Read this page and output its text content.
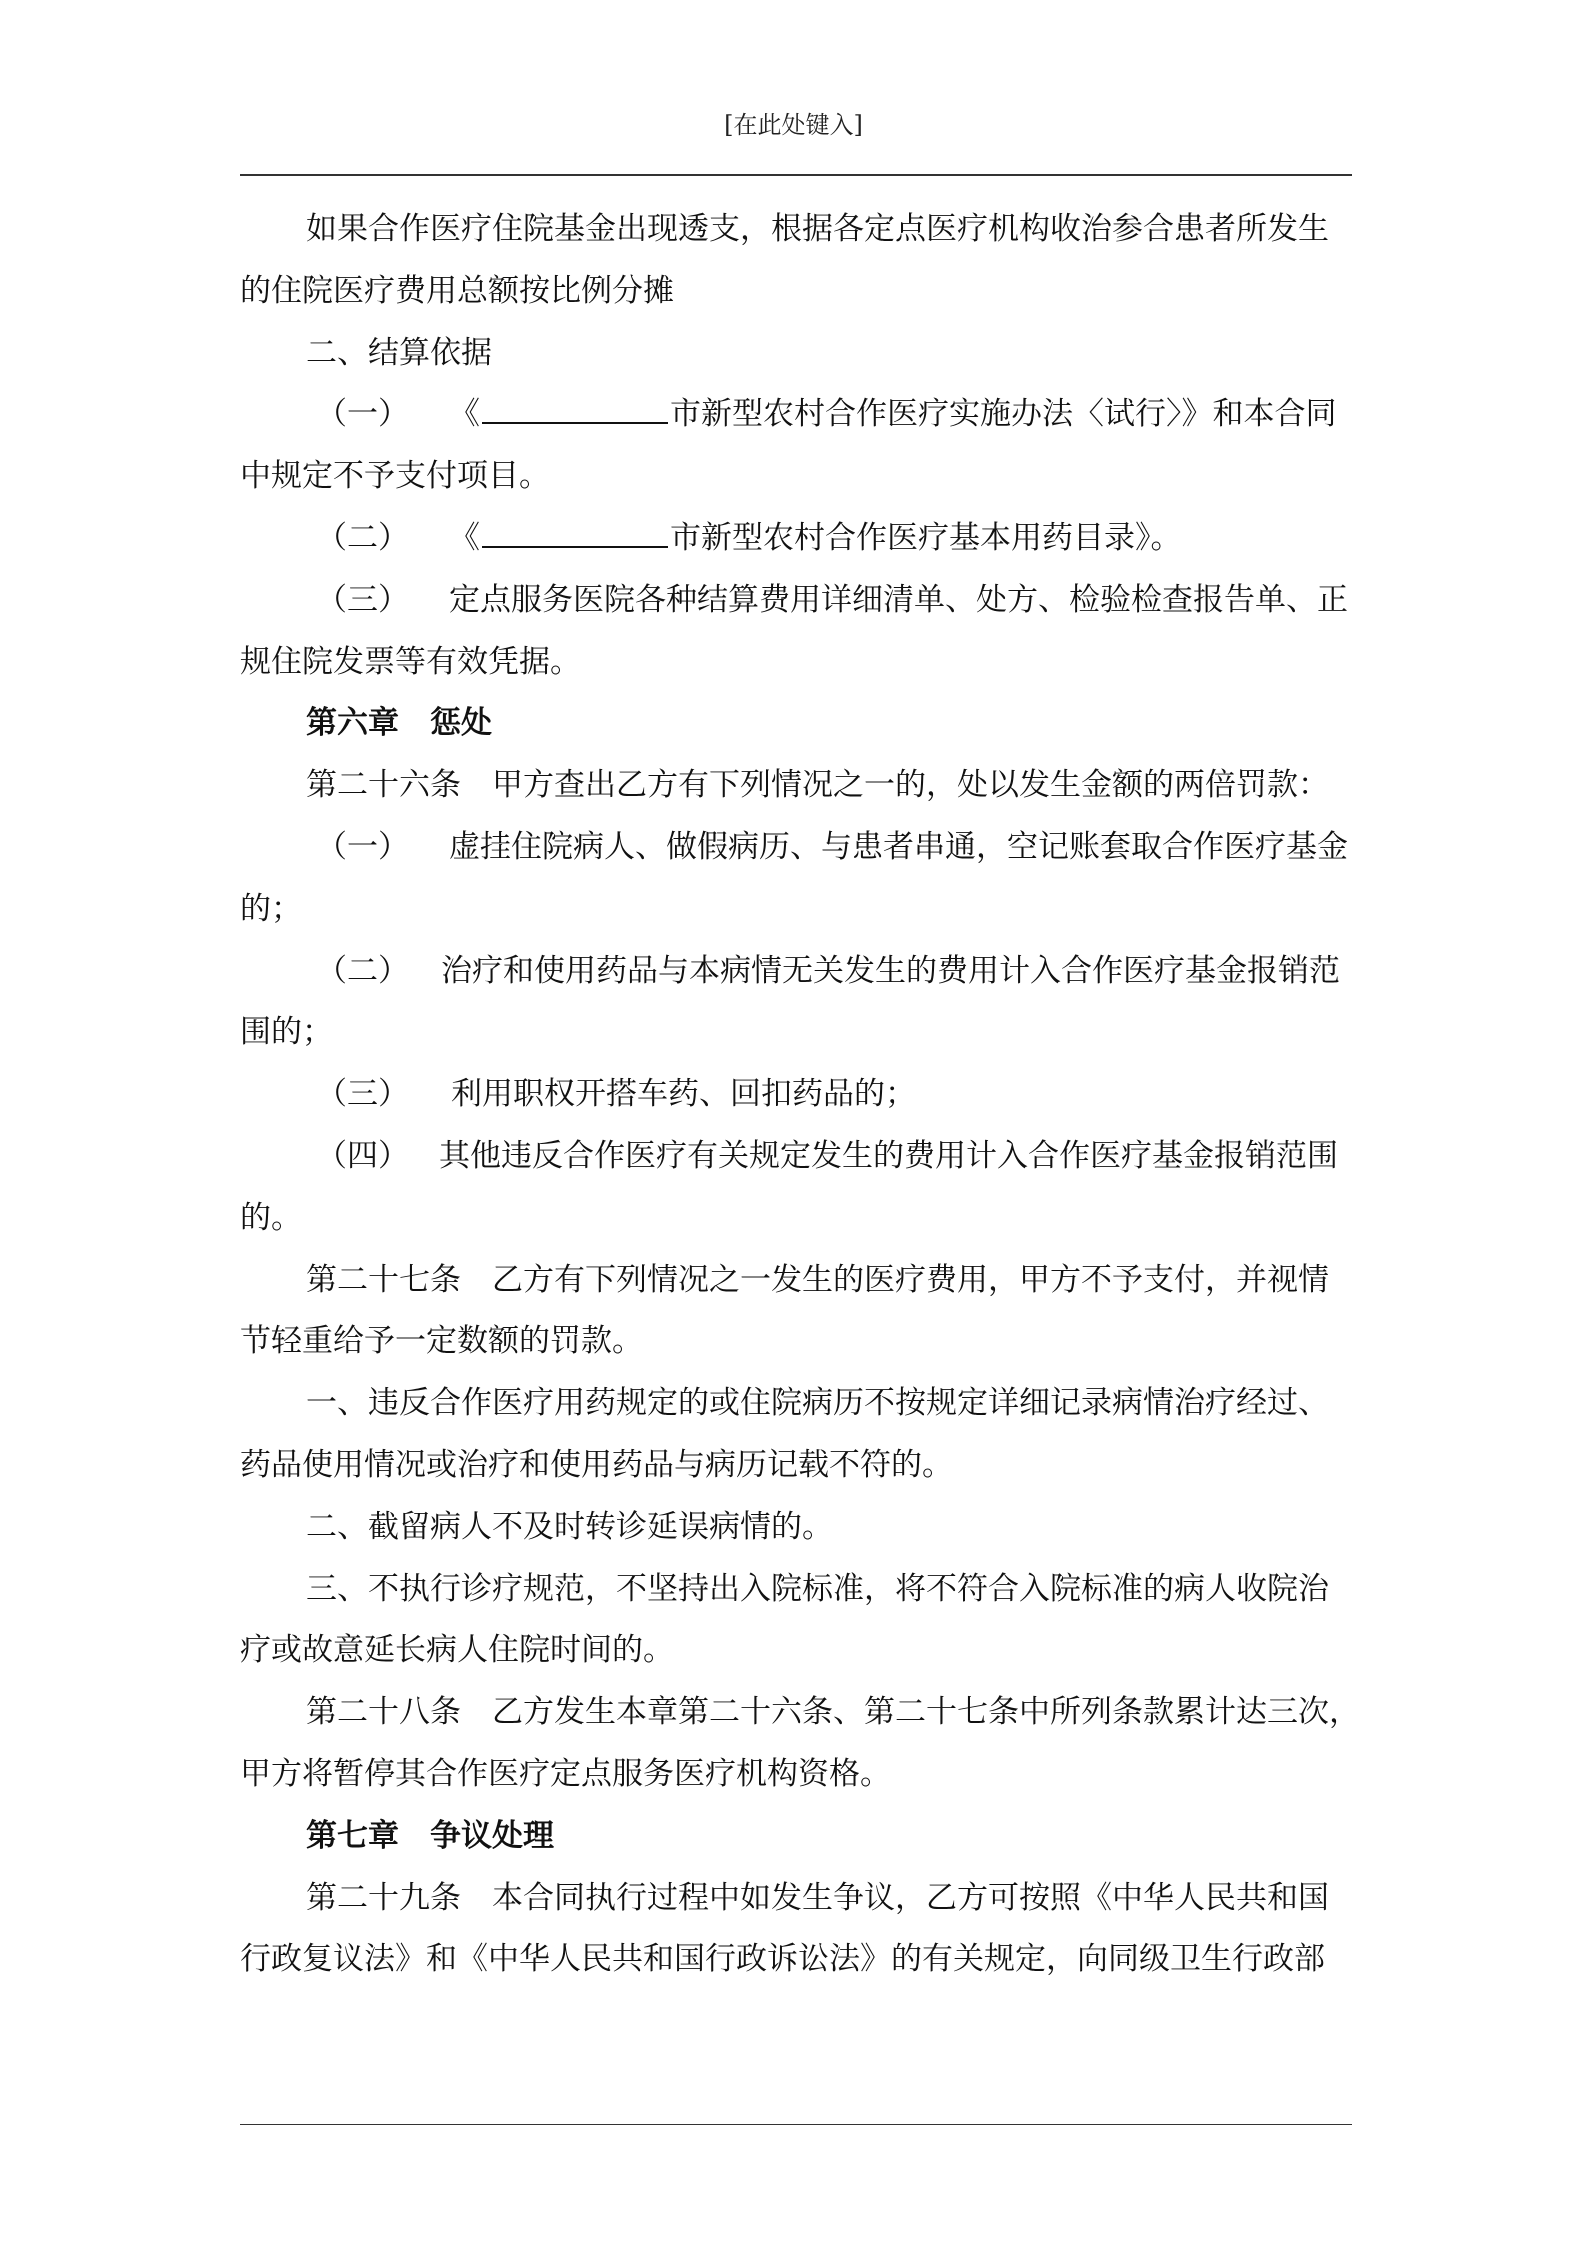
[在此处键入]

如果合作医疗住院基金出现透支，根据各定点医疗机构收治参合患者所发生

的住院医疗费用总额按比例分摊

二、结算依据

（一） 《	市新型农村合作医疗实施办法〈试行〉》和本合同

中规定不予支付项目。

（二） 《	市新型农村合作医疗基本用药目录》。

（三） 定点服务医院各种结算费用详细清单、处方、检验检查报告单、正

规住院发票等有效凭据。

第六章　惩处

第二十六条　甲方查出乙方有下列情况之一的，处以发生金额的两倍罚款：

（一） 虚挂住院病人、做假病历、与患者串通，空记账套取合作医疗基金

的；

（二） 治疗和使用药品与本病情无关发生的费用计入合作医疗基金报销范

围的；

（三） 利用职权开搭车药、回扣药品的；

（四） 其他违反合作医疗有关规定发生的费用计入合作医疗基金报销范围

的。

第二十七条　乙方有下列情况之一发生的医疗费用，甲方不予支付，并视情

节轻重给予一定数额的罚款。

一、违反合作医疗用药规定的或住院病历不按规定详细记录病情治疗经过、

药品使用情况或治疗和使用药品与病历记载不符的。

二、截留病人不及时转诊延误病情的。

三、不执行诊疗规范，不坚持出入院标准，将不符合入院标准的病人收院治

疗或故意延长病人住院时间的。

第二十八条　乙方发生本章第二十六条、第二十七条中所列条款累计达三次，

甲方将暂停其合作医疗定点服务医疗机构资格。

第七章　争议处理

第二十九条　本合同执行过程中如发生争议，乙方可按照《中华人民共和国

行政复议法》和《中华人民共和国行政诉讼法》的有关规定，向同级卫生行政部
